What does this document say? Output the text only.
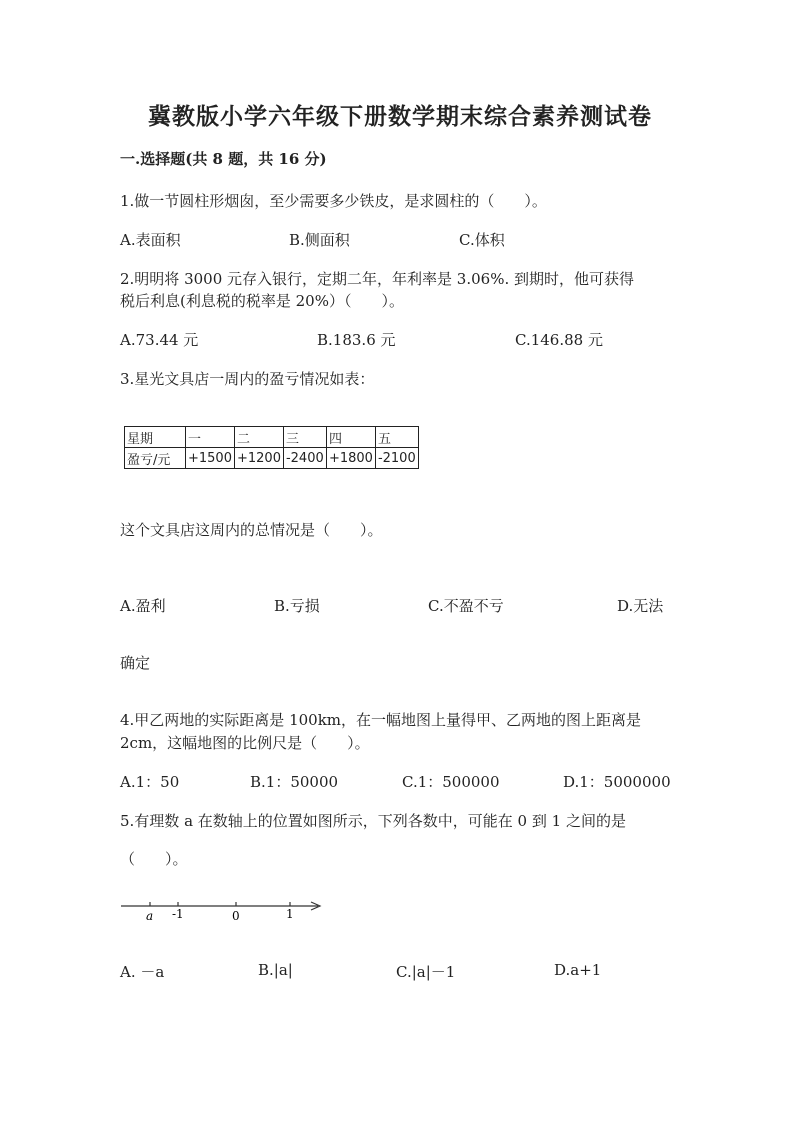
冀教版小学六年级下册数学期末综合素养测试卷
一.选择题(共 8 题，共 16 分)
1.做一节圆柱形烟囱，至少需要多少铁皮，是求圆柱的（　　）。
A.表面积	B.侧面积	C.体积
2.明明将 3000 元存入银行，定期二年，年利率是 3.06%. 到期时，他可获得
税后利息(利息税的税率是 20%）（　　）。
A.73.44 元	B.183.6 元	C.146.88 元
3.星光文具店一周内的盈亏情况如表：
星期	一	二	三	四	五
盈亏/元	+1500	+1200	-2400	+1800	-2100
这个文具店这周内的总情况是（　　）。
A.盈利	B.亏损	C.不盈不亏	D.无法
确定
4.甲乙两地的实际距离是 100km，在一幅地图上量得甲、乙两地的图上距离是
2cm，这幅地图的比例尺是（　　）。
A.1：50	B.1：50000	C.1：500000	D.1：5000000
5.有理数 a 在数轴上的位置如图所示，下列各数中，可能在 0 到 1 之间的是
（　　）。
a -1	0	1
A. －a	B.|a|	C.|a|－1	D.a+1
